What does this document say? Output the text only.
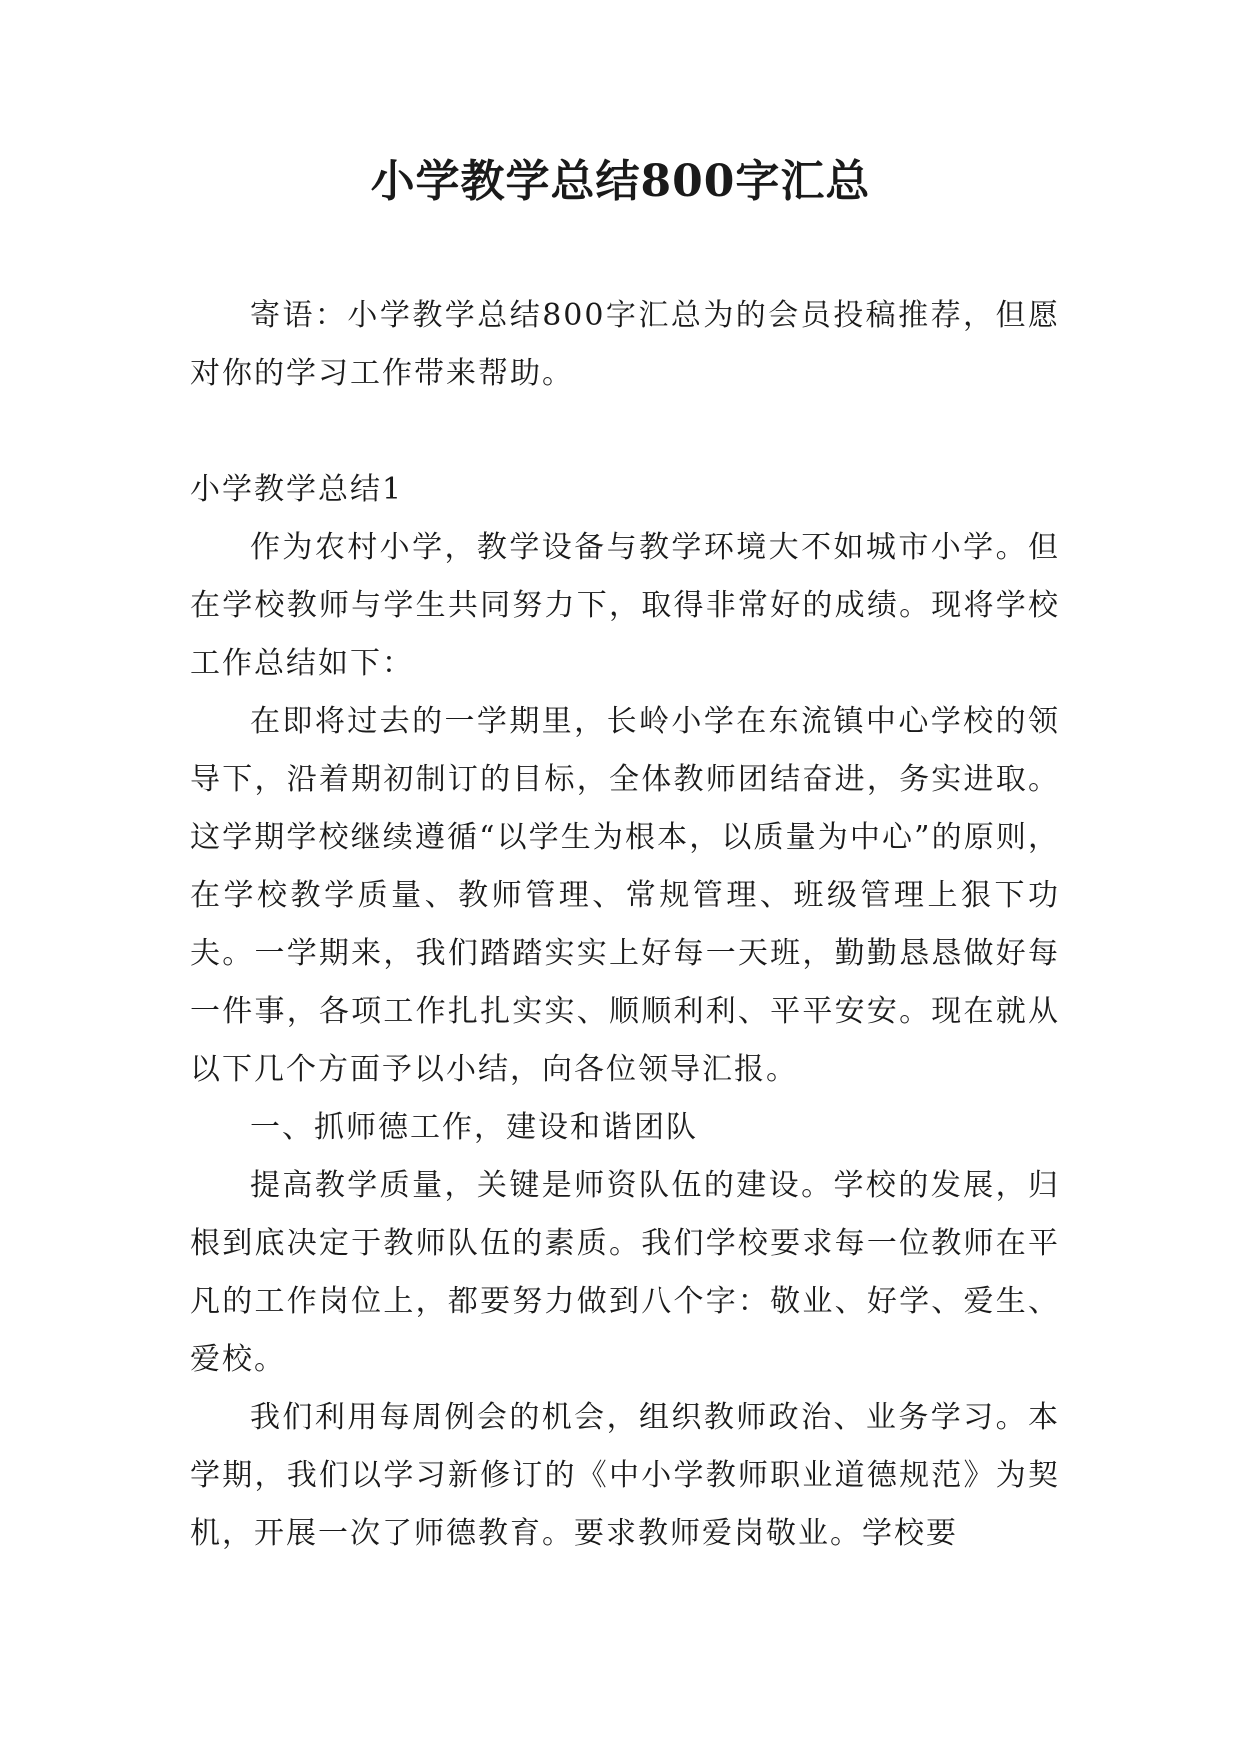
小学教学总结800字汇总

寄语：小学教学总结800字汇总为的会员投稿推荐，但愿对你的学习工作带来帮助。

小学教学总结1

作为农村小学，教学设备与教学环境大不如城市小学。但在学校教师与学生共同努力下，取得非常好的成绩。现将学校工作总结如下：

在即将过去的一学期里，长岭小学在东流镇中心学校的领导下，沿着期初制订的目标，全体教师团结奋进，务实进取。这学期学校继续遵循“以学生为根本，以质量为中心”的原则，在学校教学质量、教师管理、常规管理、班级管理上狠下功夫。一学期来，我们踏踏实实上好每一天班，勤勤恳恳做好每一件事，各项工作扎扎实实、顺顺利利、平平安安。现在就从以下几个方面予以小结，向各位领导汇报。

一、抓师德工作，建设和谐团队

提高教学质量，关键是师资队伍的建设。学校的发展，归根到底决定于教师队伍的素质。我们学校要求每一位教师在平凡的工作岗位上，都要努力做到八个字：敬业、好学、爱生、爱校。

我们利用每周例会的机会，组织教师政治、业务学习。本学期，我们以学习新修订的《中小学教师职业道德规范》为契机，开展一次了师德教育。要求教师爱岗敬业。学校要
